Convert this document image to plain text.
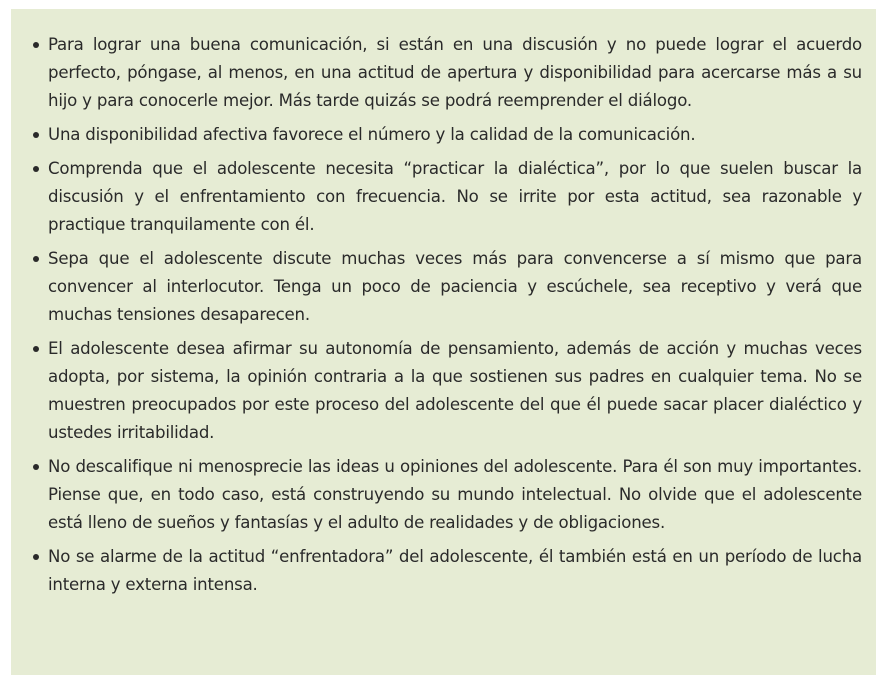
Para lograr una buena comunicación, si están en una discusión y no puede lograr el acuerdo perfecto, póngase, al menos, en una actitud de apertura y disponibilidad para acercarse más a su hijo y para conocerle mejor. Más tarde quizás se podrá reemprender el diálogo.
Una disponibilidad afectiva favorece el número y la calidad de la comunicación.
Comprenda que el adolescente necesita “practicar la dialéctica”, por lo que suelen buscar la discusión y el enfrentamiento con frecuencia. No se irrite por esta actitud, sea razonable y practique tranquilamente con él.
Sepa que el adolescente discute muchas veces más para convencerse a sí mismo que para convencer al interlocutor. Tenga un poco de paciencia y escúchele, sea receptivo y verá que muchas tensiones desaparecen.
El adolescente desea afirmar su autonomía de pensamiento, además de acción y muchas veces adopta, por sistema, la opinión contraria a la que sostienen sus padres en cualquier tema. No se muestren preocupados por este proceso del adolescente del que él puede sacar placer dialéctico y ustedes irritabilidad.
No descalifique ni menosprecie las ideas u opiniones del adolescente. Para él son muy importantes. Piense que, en todo caso, está construyendo su mundo intelectual. No olvide que el adolescente está lleno de sueños y fantasías y el adulto de realidades y de obligaciones.
No se alarme de la actitud “enfrentadora” del adolescente, él también está en un período de lucha interna y externa intensa.
